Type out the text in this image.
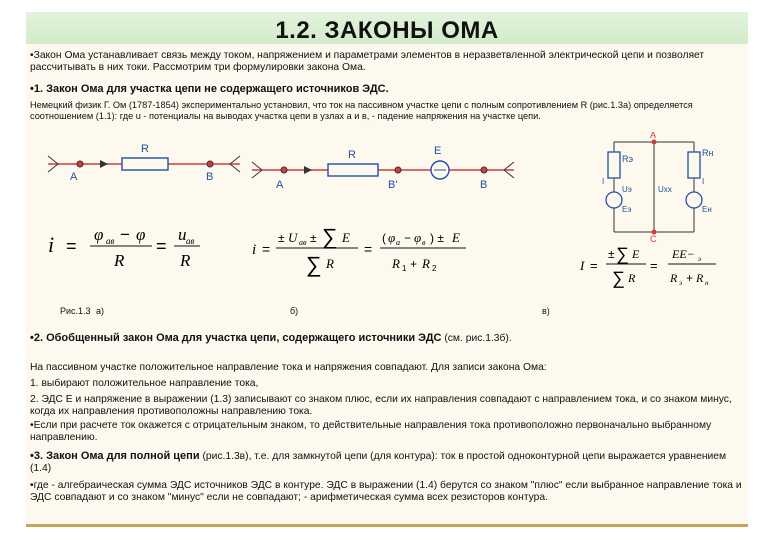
1.2. ЗАКОНЫ ОМА

•Закон Ома устанавливает связь между током, напряжением и параметрами элементов в неразветвленной электрической цепи и позволяет рассчитывать в них токи. Рассмотрим три формулировки закона Ома.

•1. Закон Ома для участка цепи не содержащего источников ЭДС.

Немецкий физик Г. Ом (1787-1854) экспериментально установил, что ток на пассивном участке цепи с полным сопротивлением R (рис.1.3а) определяется соотношением (1.1): где u - потенциалы на выводах участка цепи в узлах а и в, - падение напряжения на участке цепи.

A
R
B
A
R
B'
E
B
A
C
Rэ
Rн
I	I
Uэ	Uxx
Eэ	Eн
i =
φ ав − φ
R
=
u ав
R
i =
± U ав ± ∑ E
∑ R
=
( φ а − φ в ) ± E
R 1 + R 2	I =
± ∑ E
∑ R
=
EE− э
R э + R н
Рис.1.3 а)	б)	в)

•2. Обобщенный закон Ома для участка цепи, содержащего источники ЭДС (см. рис.1.3б).

На пассивном участке положительное направление тока и напряжения совпадают. Для записи закона Ома:

1. выбирают положительное направление тока,

2. ЭДС E и напряжение в выражении (1.3) записывают со знаком плюс, если их направления совпадают с направлением тока, и со знаком минус, когда их направления противоположны направлению тока.

•Если при расчете ток окажется с отрицательным знаком, то действительные направления тока противоположно первоначально выбранному направлению.

•3. Закон Ома для полной цепи (рис.1.3в), т.е. для замкнутой цепи (для контура): ток в простой одноконтурной цепи выражается уравнением (1.4)

•где - алгебраическая сумма ЭДС источников ЭДС в контуре. ЭДС в выражении (1.4) берутся со знаком "плюс" если выбранное направление тока и ЭДС совпадают и со знаком "минус" если не совпадают; - арифметическая сумма всех резисторов контура.
